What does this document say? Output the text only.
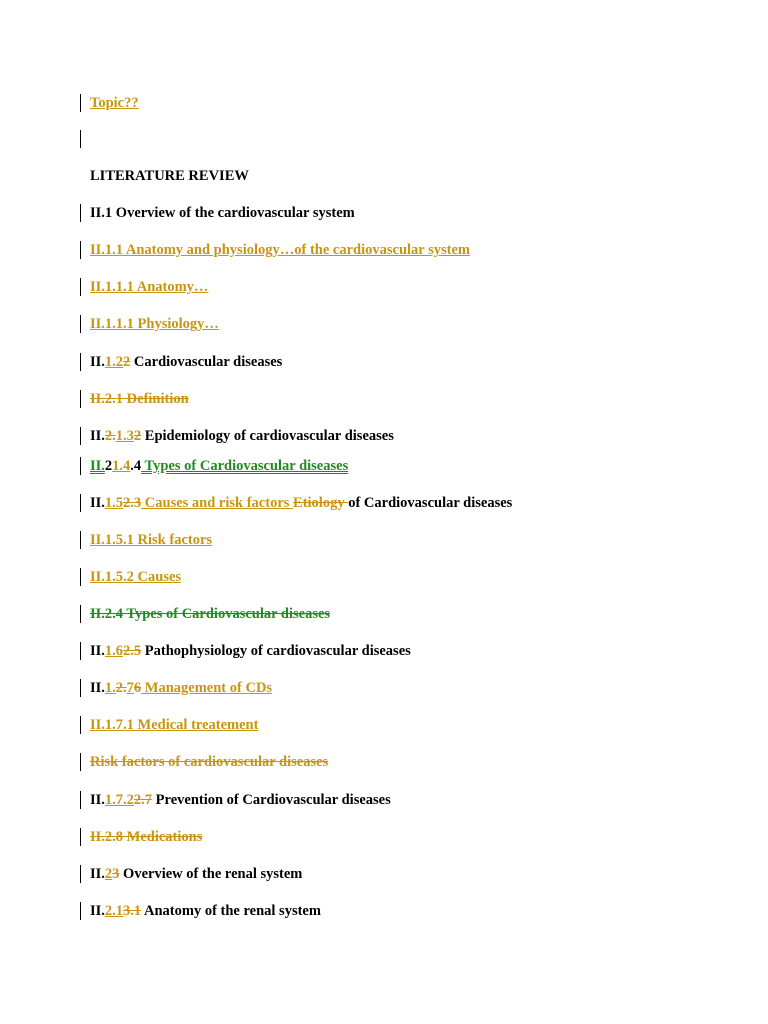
Topic??
LITERATURE REVIEW
II.1 Overview of the cardiovascular system
II.1.1 Anatomy and physiology…of the cardiovascular system
II.1.1.1 Anatomy…
II.1.1.1 Physiology…
II.1.22 Cardiovascular diseases
II.2.1 Definition
II.2.1.32 Epidemiology of cardiovascular diseases
II.21.4.4 Types of Cardiovascular diseases
II.1.52.3 Causes and risk factors Etiology of Cardiovascular diseases
II.1.5.1 Risk factors
II.1.5.2 Causes
II.2.4 Types of Cardiovascular diseases
II.1.62.5 Pathophysiology of cardiovascular diseases
II.1.2.76 Management of CDs
II.1.7.1 Medical treatement
Risk factors of cardiovascular diseases
II.1.7.22.7 Prevention of Cardiovascular diseases
II.2.8 Medications
II.23 Overview of the renal system
II.2.13.1 Anatomy of the renal system
